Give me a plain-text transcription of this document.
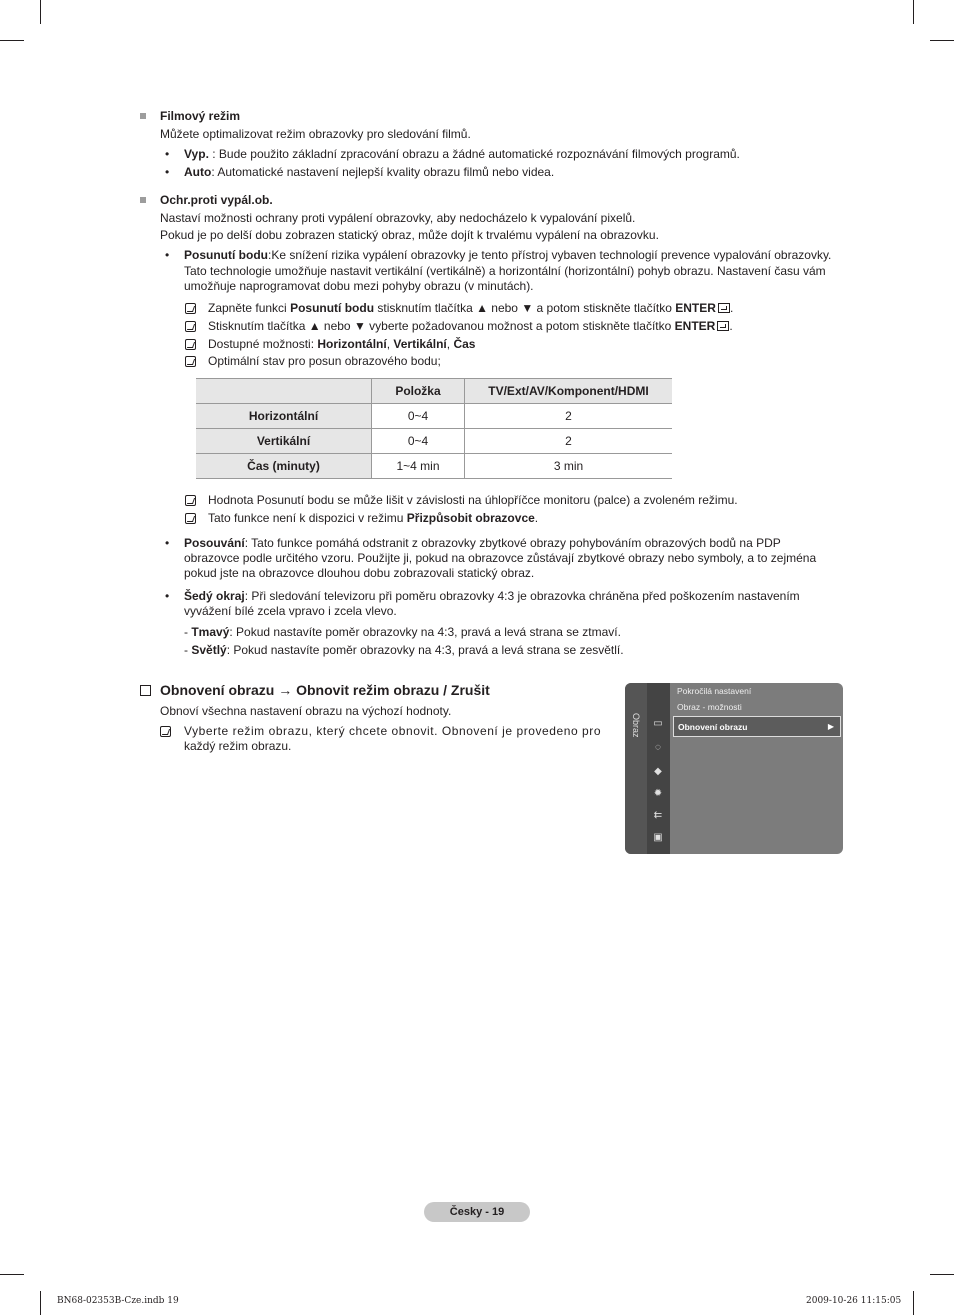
Filmový režim
Můžete optimalizovat režim obrazovky pro sledování filmů.
• Vyp. : Bude použito základní zpracování obrazu a žádné automatické rozpoznávání filmových programů.
• Auto: Automatické nastavení nejlepší kvality obrazu filmů nebo videa.
Ochr.proti vypál.ob.
Nastaví možnosti ochrany proti vypálení obrazovky, aby nedocházelo k vypalování pixelů.
Pokud je po delší dobu zobrazen statický obraz, může dojít k trvalému vypálení na obrazovku.
• Posunutí bodu:Ke snížení rizika vypálení obrazovky je tento přístroj vybaven technologií prevence vypalování obrazovky.
Tato technologie umožňuje nastavit vertikální (vertikálně) a horizontální (horizontální) pohyb obrazu. Nastavení času vám
umožňuje naprogramovat dobu mezi pohyby obrazu (v minutách).
Zapněte funkci Posunutí bodu stisknutím tlačítka ▲ nebo ▼ a potom stiskněte tlačítko ENTER .
Stisknutím tlačítka ▲ nebo ▼ vyberte požadovanou možnost a potom stiskněte tlačítko ENTER .
Dostupné možnosti: Horizontální, Vertikální, Čas
Optimální stav pro posun obrazového bodu;
	Položka	TV/Ext/AV/Komponent/HDMI
Horizontální	0~4	2
Vertikální	0~4	2
Čas (minuty)	1~4 min	3 min
Hodnota Posunutí bodu se může lišit v závislosti na úhlopříčce monitoru (palce) a zvoleném režimu.
Tato funkce není k dispozici v režimu Přizpůsobit obrazovce.
• Posouvání: Tato funkce pomáhá odstranit z obrazovky zbytkové obrazy pohybováním obrazových bodů na PDP
obrazovce podle určitého vzoru. Použijte ji, pokud na obrazovce zůstávají zbytkové obrazy nebo symboly, a to zejména
pokud jste na obrazovce dlouhou dobu zobrazovali statický obraz.
• Šedý okraj: Při sledování televizoru při poměru obrazovky 4:3 je obrazovka chráněna před poškozením nastavením
vyvážení bílé zcela vpravo i zcela vlevo.
- Tmavý: Pokud nastavíte poměr obrazovky na 4:3, pravá a levá strana se ztmaví.
- Světlý: Pokud nastavíte poměr obrazovky na 4:3, pravá a levá strana se zesvětlí.
Obnovení obrazu → Obnovit režim obrazu / Zrušit
Obnoví všechna nastavení obrazu na výchozí hodnoty.
Vyberte režim obrazu, který chcete obnovit. Obnovení je provedeno pro
každý režim obrazu.
Obraz ▭
◌
◆
✹
⇇
▣
Pokročilá nastavení
Obraz - možnosti
Obnovení obrazu	▶
Česky - 19
BN68-02353B-Cze.indb 19	2009-10-26 11:15:05
